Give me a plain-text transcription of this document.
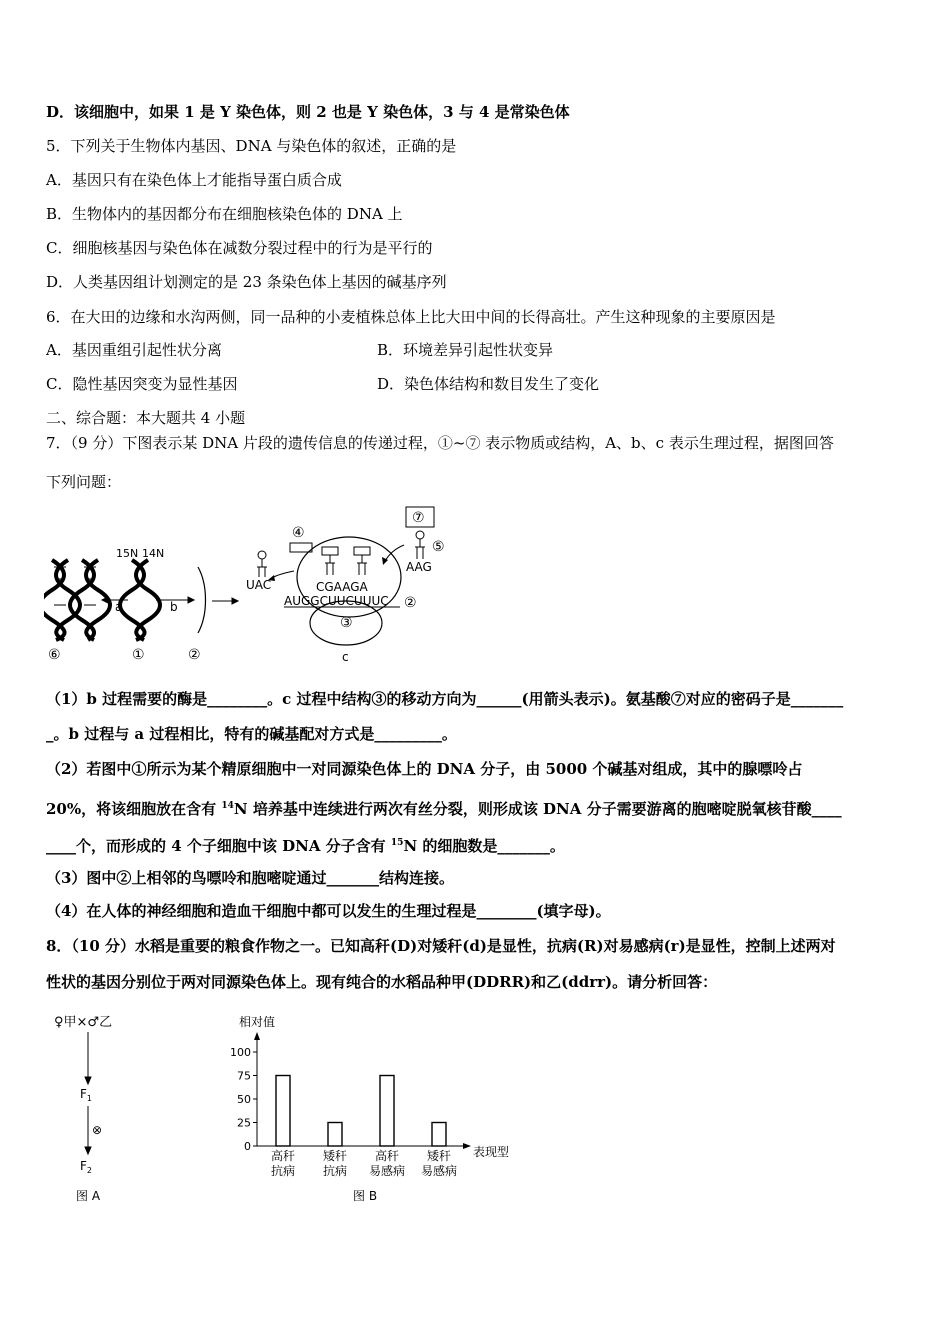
D．该细胞中，如果 1 是 Y 染色体，则 2 也是 Y 染色体，3 与 4 是常染色体
5．下列关于生物体内基因、DNA 与染色体的叙述，正确的是
A．基因只有在染色体上才能指导蛋白质合成
B．生物体内的基因都分布在细胞核染色体的 DNA 上
C．细胞核基因与染色体在减数分裂过程中的行为是平行的
D．人类基因组计划测定的是 23 条染色体上基因的碱基序列
6．在大田的边缘和水沟两侧，同一品种的小麦植株总体上比大田中间的长得高壮。产生这种现象的主要原因是
A．基因重组引起性状分离	B．环境差异引起性状变异
C．隐性基因突变为显性基因	D．染色体结构和数目发生了变化
二、综合题：本大题共 4 小题
7．（9 分）下图表示某 DNA 片段的遗传信息的传递过程，①~⑦ 表示物质或结构，A、b、c 表示生理过程，据图回答
下列问题：
a
15N 14N
b
⑥	①	②
③
c
④
CGAAGA
AUGGCUUCUUUC ②
UAC
⑦
⑤
AAG
（1）b 过程需要的酶是________。c 过程中结构③的移动方向为______(用箭头表示)。氨基酸⑦对应的密码子是_______
_。b 过程与 a 过程相比，特有的碱基配对方式是_________。
（2）若图中①所示为某个精原细胞中一对同源染色体上的 DNA 分子，由 5000 个碱基对组成，其中的腺嘌呤占
20%，将该细胞放在含有 $^{14}$N 培养基中连续进行两次有丝分裂，则形成该 DNA 分子需要游离的胞嘧啶脱氧核苷酸____
____个，而形成的 4 个子细胞中该 DNA 分子含有 $^{15}$N 的细胞数是_______。
（3）图中②上相邻的鸟嘌呤和胞嘧啶通过_______结构连接。
（4）在人体的神经细胞和造血干细胞中都可以发生的生理过程是________(填字母)。
8．（10 分）水稻是重要的粮食作物之一。已知高秆(D)对矮秆(d)是显性，抗病(R)对易感病(r)是显性，控制上述两对
性状的基因分别位于两对同源染色体上。现有纯合的水稻品种甲(DDRR)和乙(ddrr)。请分析回答：
♀甲×♂乙
$F_1$
⊗
$F_2$
图 A
相对值
表现型
100
75
50
25
0
高秆
抗病
矮秆
抗病
高秆
易感病
矮秆
易感病
图 B
